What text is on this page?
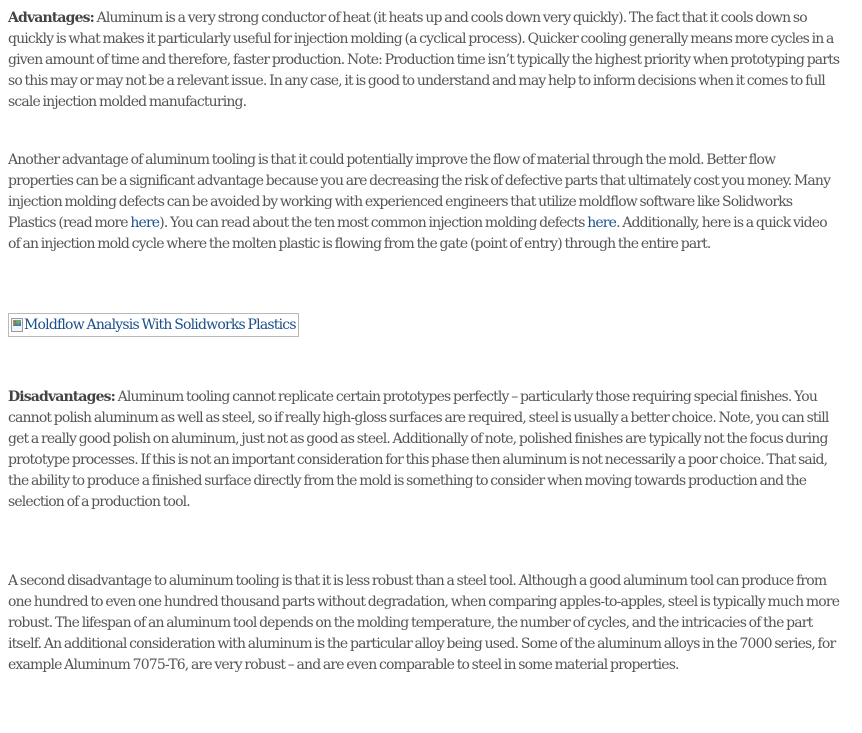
Advantages: Aluminum is a very strong conductor of heat (it heats up and cools down very quickly). The fact that it cools down so quickly is what makes it particularly useful for injection molding (a cyclical process). Quicker cooling generally means more cycles in a given amount of time and therefore, faster production. Note: Production time isn’t typically the highest priority when prototyping parts so this may or may not be a relevant issue. In any case, it is good to understand and may help to inform decisions when it comes to full scale injection molded manufacturing.

Another advantage of aluminum tooling is that it could potentially improve the flow of material through the mold. Better flow properties can be a significant advantage because you are decreasing the risk of defective parts that ultimately cost you money. Many injection molding defects can be avoided by working with experienced engineers that utilize moldflow software like Solidworks Plastics (read more here). You can read about the ten most common injection molding defects here. Additionally, here is a quick video of an injection mold cycle where the molten plastic is flowing from the gate (point of entry) through the entire part.

Moldflow Analysis With Solidworks Plastics

Disadvantages: Aluminum tooling cannot replicate certain prototypes perfectly – particularly those requiring special finishes. You cannot polish aluminum as well as steel, so if really high-gloss surfaces are required, steel is usually a better choice. Note, you can still get a really good polish on aluminum, just not as good as steel. Additionally of note, polished finishes are typically not the focus during prototype processes. If this is not an important consideration for this phase then aluminum is not necessarily a poor choice. That said, the ability to produce a finished surface directly from the mold is something to consider when moving towards production and the selection of a production tool.

A second disadvantage to aluminum tooling is that it is less robust than a steel tool. Although a good aluminum tool can produce from one hundred to even one hundred thousand parts without degradation, when comparing apples-to-apples, steel is typically much more robust. The lifespan of an aluminum tool depends on the molding temperature, the number of cycles, and the intricacies of the part itself. An additional consideration with aluminum is the particular alloy being used. Some of the aluminum alloys in the 7000 series, for example Aluminum 7075-T6, are very robust – and are even comparable to steel in some material properties.
